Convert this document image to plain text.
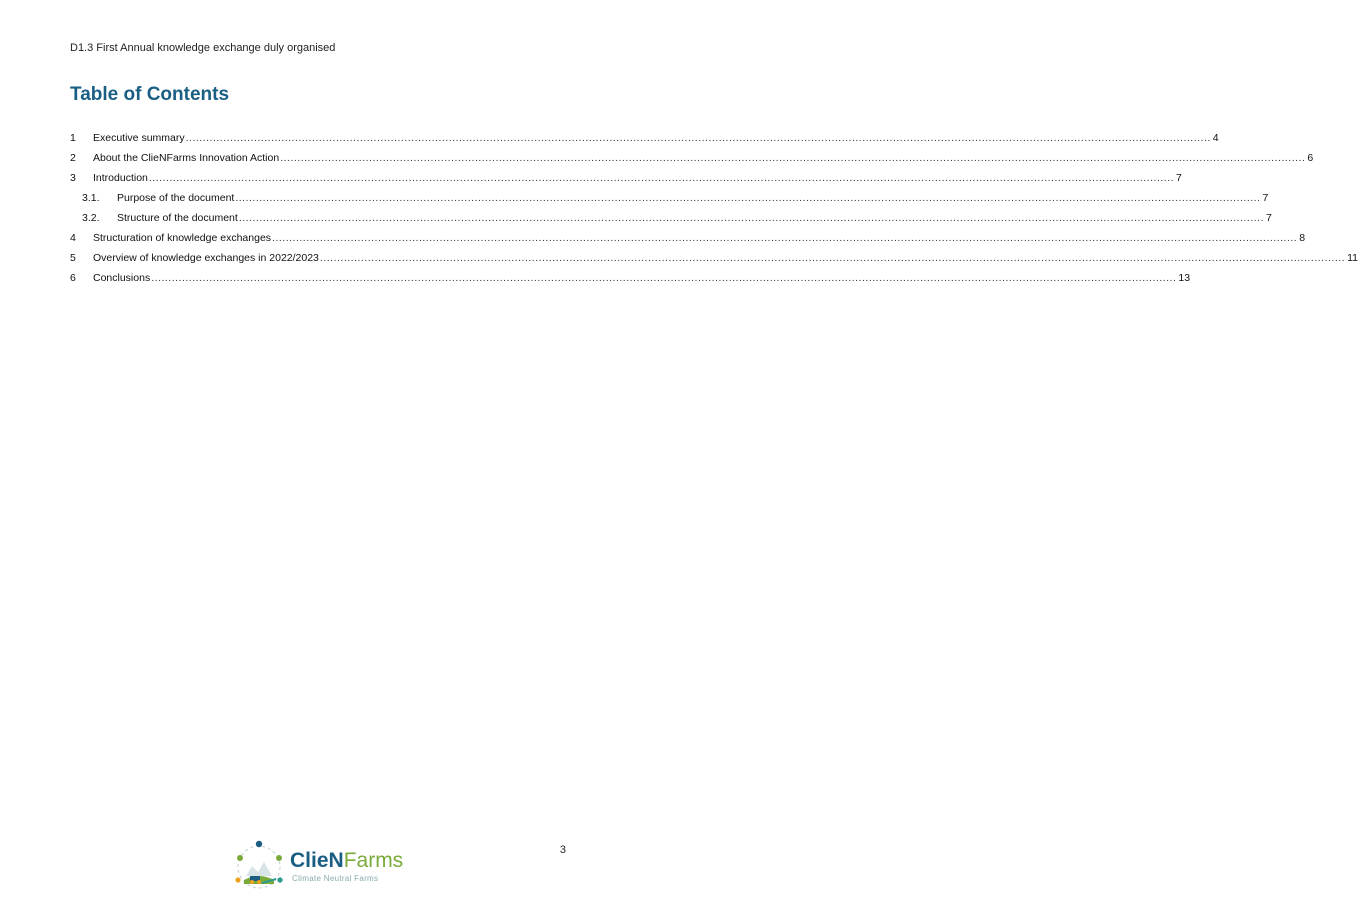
D1.3 First Annual knowledge exchange duly organised
Table of Contents
1	Executive summary ............................................................................................................................................................................................................................................................................................................ 4
2	About the ClieNFarms Innovation Action ............................................................................................................................................................................................................................................................................................................ 6
3	Introduction ............................................................................................................................................................................................................................................................................................................ 7
3.1.	Purpose of the document ............................................................................................................................................................................................................................................................................................................ 7
3.2.	Structure of the document ............................................................................................................................................................................................................................................................................................................ 7
4	Structuration of knowledge exchanges ............................................................................................................................................................................................................................................................................................................ 8
5	Overview of knowledge exchanges in 2022/2023 ............................................................................................................................................................................................................................................................................................................ 11
6	Conclusions ............................................................................................................................................................................................................................................................................................................ 13
3
ClieNFarms
Climate Neutral Farms
